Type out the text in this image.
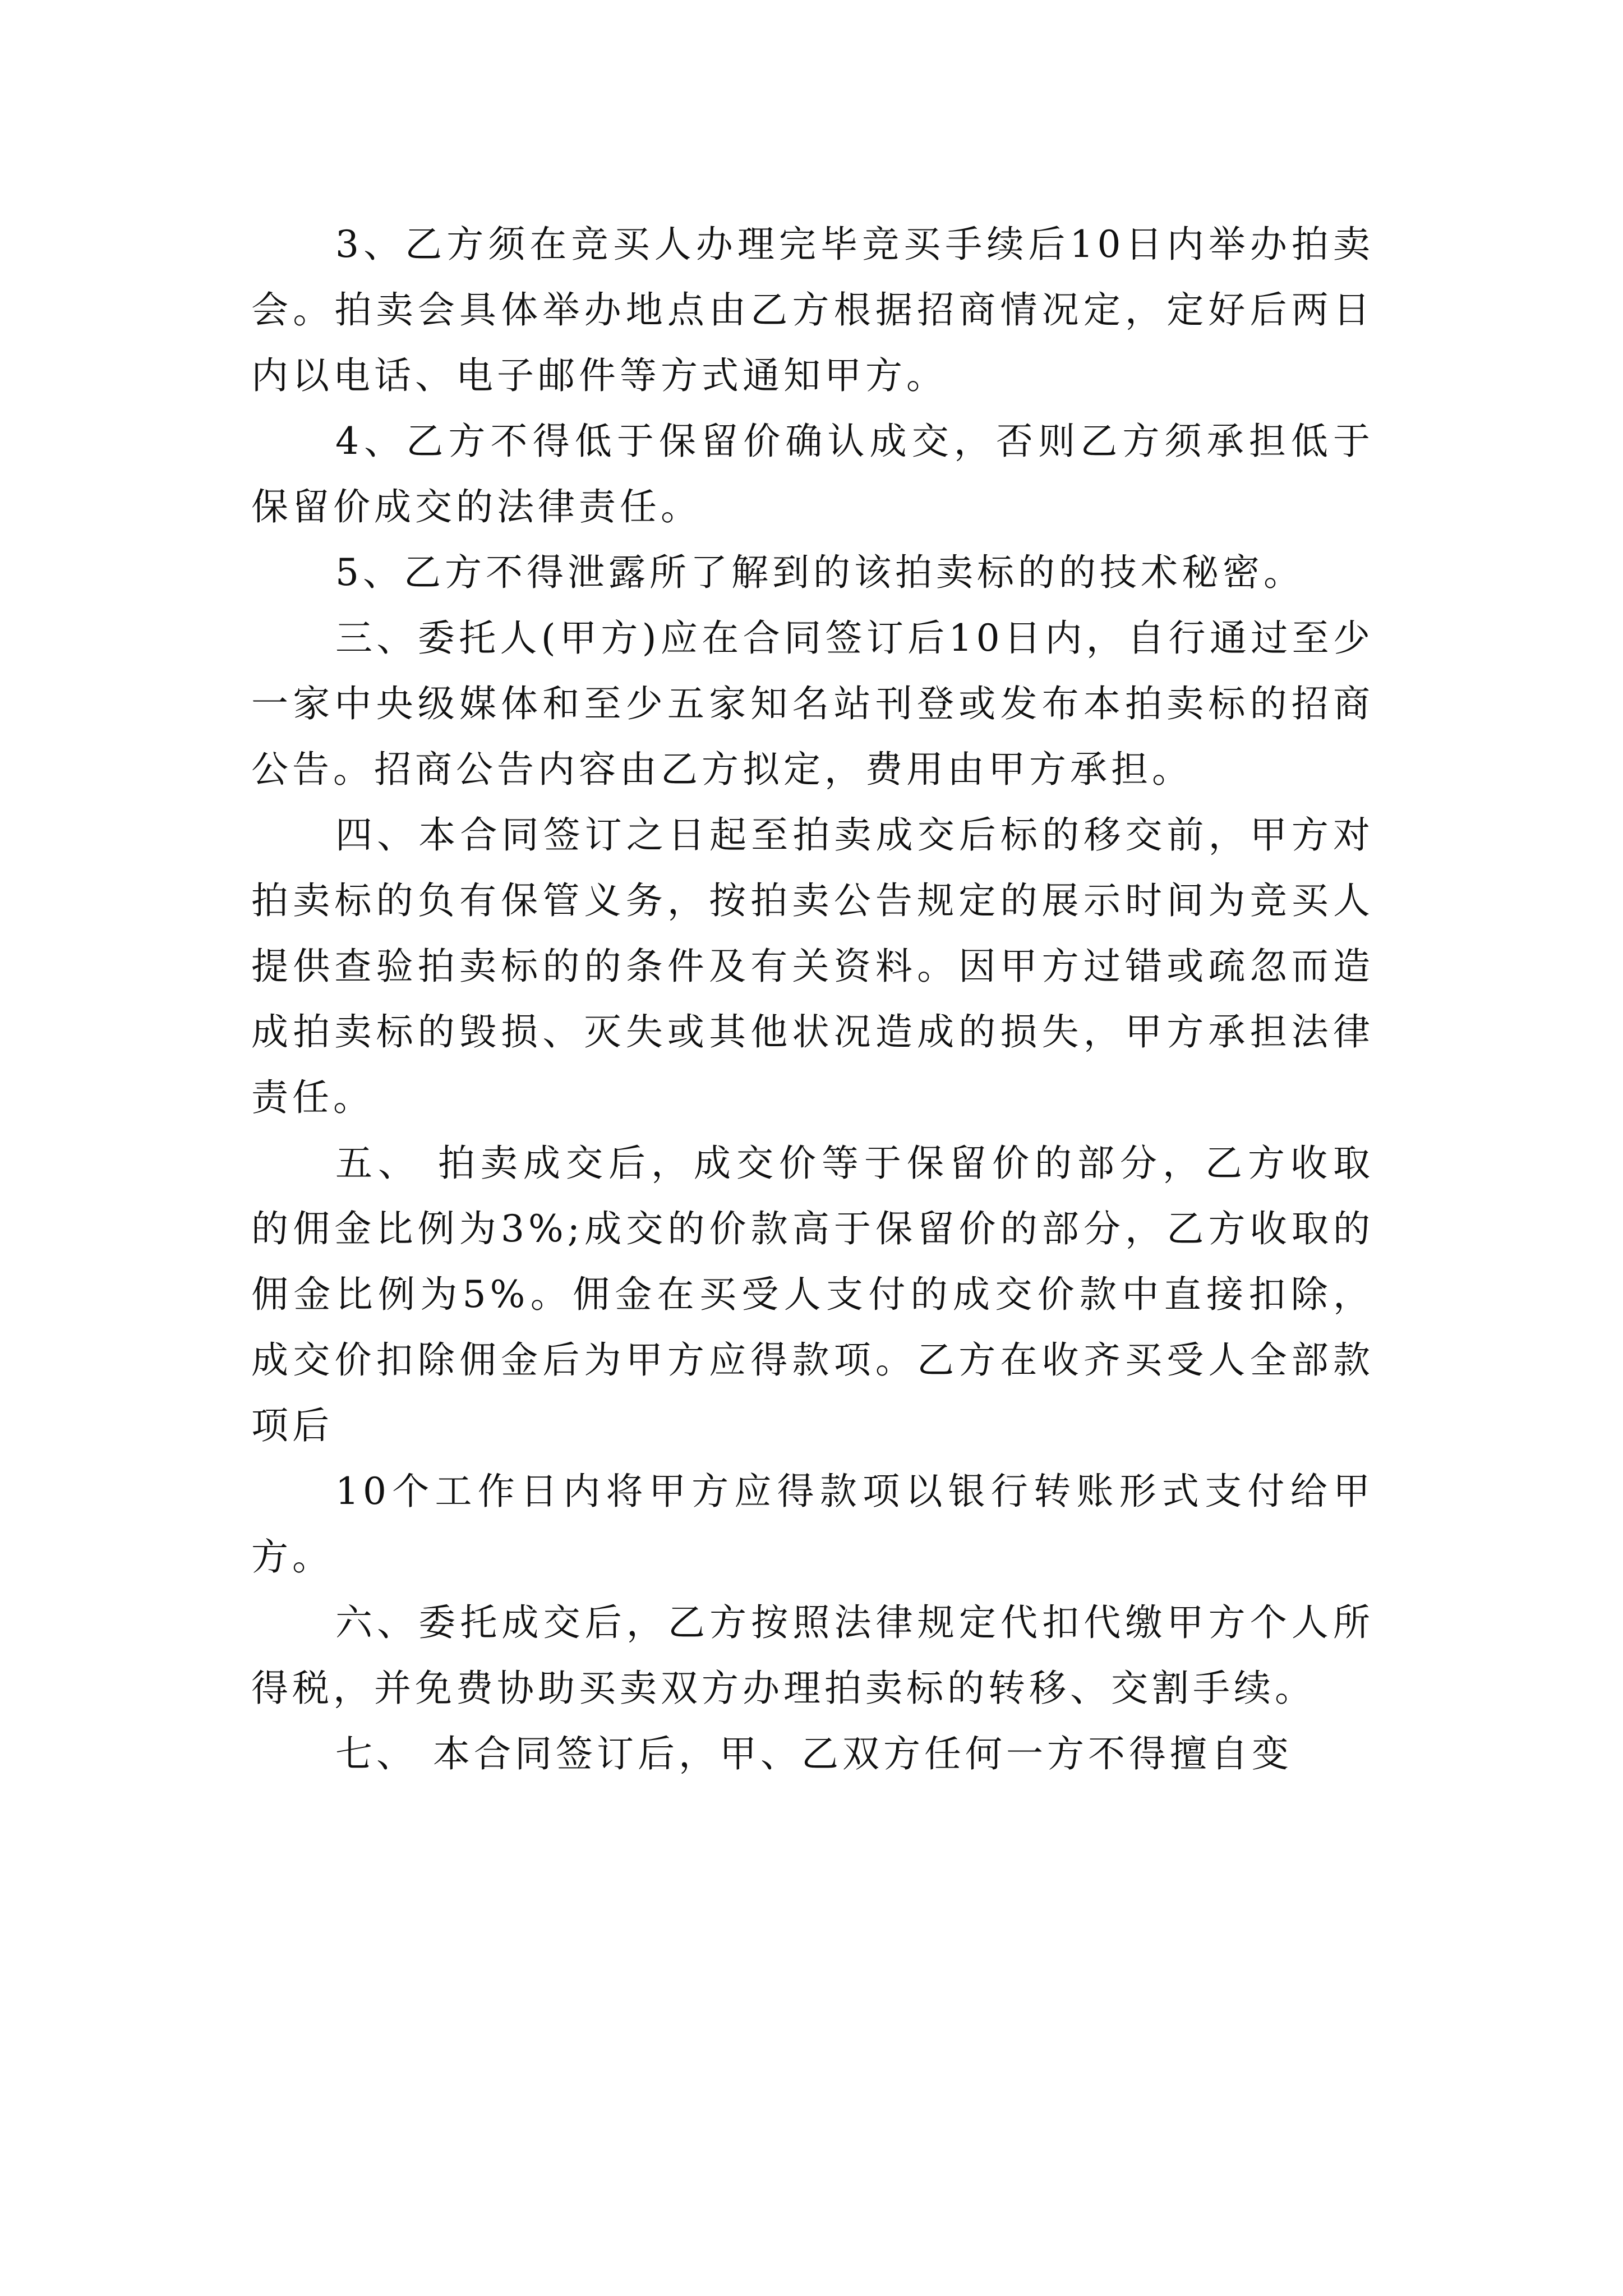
3、乙方须在竞买人办理完毕竞买手续后10日内举办拍卖会。拍卖会具体举办地点由乙方根据招商情况定，定好后两日内以电话、电子邮件等方式通知甲方。

4、乙方不得低于保留价确认成交，否则乙方须承担低于保留价成交的法律责任。

5、乙方不得泄露所了解到的该拍卖标的的技术秘密。

三、委托人(甲方)应在合同签订后10日内，自行通过至少一家中央级媒体和至少五家知名站刊登或发布本拍卖标的招商公告。招商公告内容由乙方拟定，费用由甲方承担。

四、本合同签订之日起至拍卖成交后标的移交前，甲方对拍卖标的负有保管义务，按拍卖公告规定的展示时间为竞买人提供查验拍卖标的的条件及有关资料。因甲方过错或疏忽而造成拍卖标的毁损、灭失或其他状况造成的损失，甲方承担法律责任。

五、 拍卖成交后，成交价等于保留价的部分，乙方收取的佣金比例为3%;成交的价款高于保留价的部分，乙方收取的佣金比例为5%。佣金在买受人支付的成交价款中直接扣除，成交价扣除佣金后为甲方应得款项。乙方在收齐买受人全部款项后

10个工作日内将甲方应得款项以银行转账形式支付给甲方。

六、委托成交后，乙方按照法律规定代扣代缴甲方个人所得税，并免费协助买卖双方办理拍卖标的转移、交割手续。

七、 本合同签订后，甲、乙双方任何一方不得擅自变
